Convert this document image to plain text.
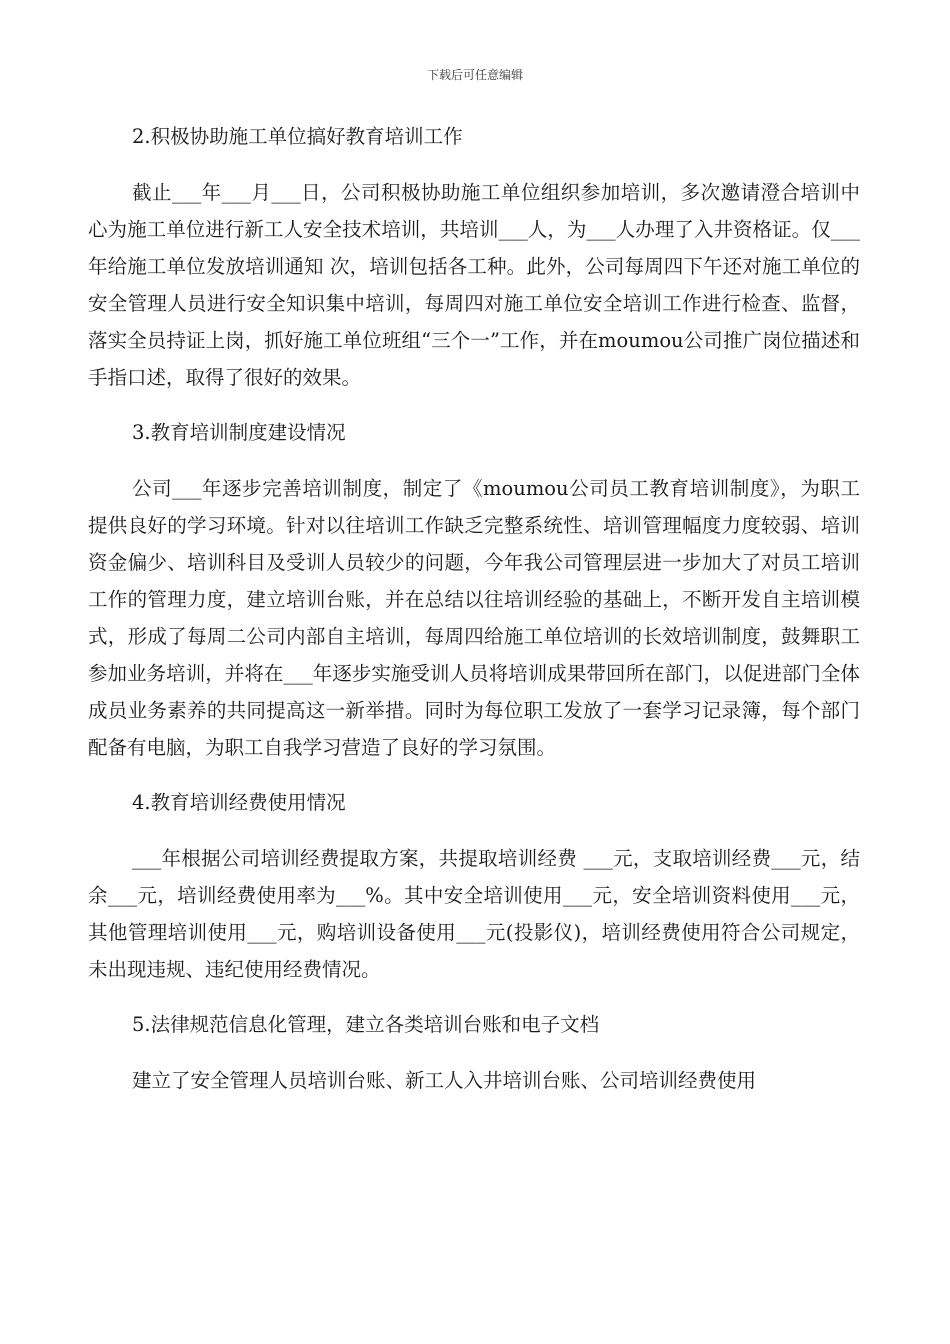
下载后可任意编辑

2.积极协助施工单位搞好教育培训工作

截止___年___月___日，公司积极协助施工单位组织参加培训，多次邀请澄合培训中心为施工单位进行新工人安全技术培训，共培训___人，为___人办理了入井资格证。仅___年给施工单位发放培训通知 次，培训包括各工种。此外，公司每周四下午还对施工单位的安全管理人员进行安全知识集中培训，每周四对施工单位安全培训工作进行检查、监督，落实全员持证上岗，抓好施工单位班组“三个一”工作，并在moumou公司推广岗位描述和手指口述，取得了很好的效果。

3.教育培训制度建设情况

公司___年逐步完善培训制度，制定了《moumou公司员工教育培训制度》，为职工提供良好的学习环境。针对以往培训工作缺乏完整系统性、培训管理幅度力度较弱、培训资金偏少、培训科目及受训人员较少的问题，今年我公司管理层进一步加大了对员工培训工作的管理力度，建立培训台账，并在总结以往培训经验的基础上，不断开发自主培训模式，形成了每周二公司内部自主培训，每周四给施工单位培训的长效培训制度，鼓舞职工参加业务培训，并将在___年逐步实施受训人员将培训成果带回所在部门，以促进部门全体成员业务素养的共同提高这一新举措。同时为每位职工发放了一套学习记录簿，每个部门配备有电脑，为职工自我学习营造了良好的学习氛围。

4.教育培训经费使用情况

___年根据公司培训经费提取方案，共提取培训经费 ___元，支取培训经费___元，结余___元，培训经费使用率为___%。其中安全培训使用___元，安全培训资料使用___元，其他管理培训使用___元，购培训设备使用___元(投影仪)，培训经费使用符合公司规定，未出现违规、违纪使用经费情况。

5.法律规范信息化管理，建立各类培训台账和电子文档

建立了安全管理人员培训台账、新工人入井培训台账、公司培训经费使用
